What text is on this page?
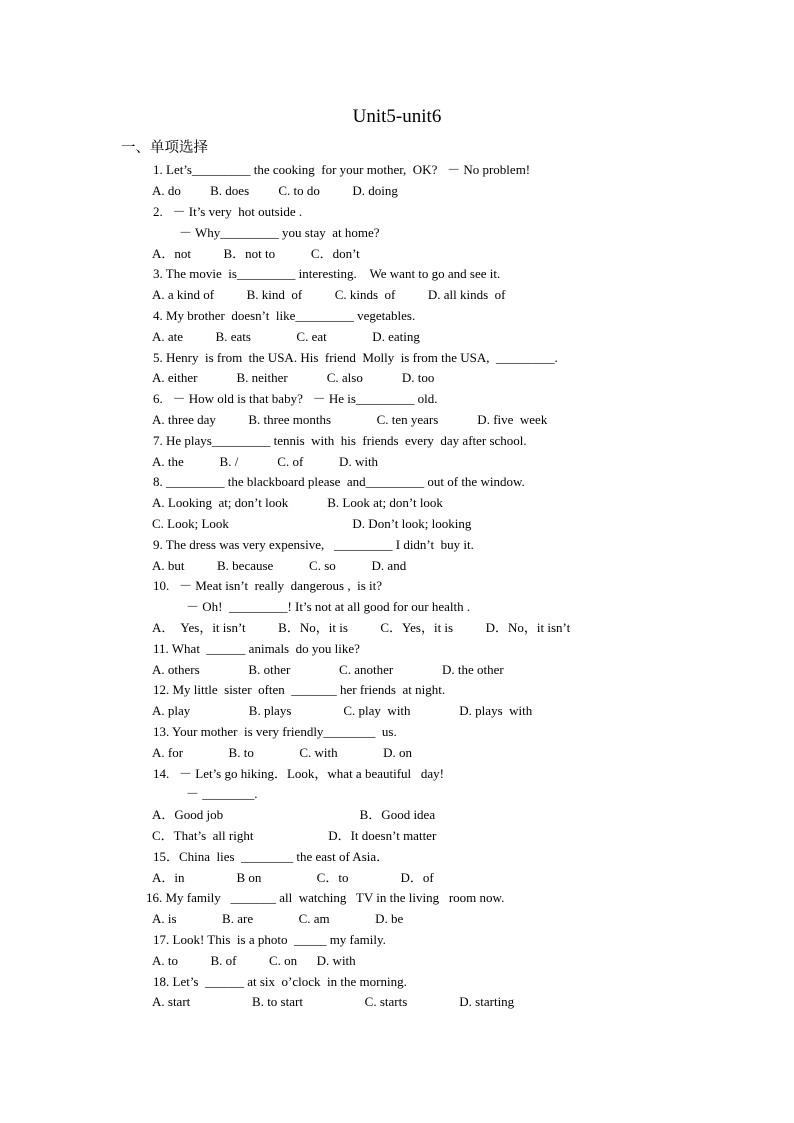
Unit5-unit6
一、单项选择
1. Let’s_________ the cooking  for your mother,  OK?   － No problem!
A. do         B. does         C. to do          D. doing
2.   － It’s very  hot outside .
－ Why_________ you stay  at home?
A．not          B．not to           C．don’t
3. The movie  is_________ interesting.    We want to go and see it.
A. a kind of          B. kind  of          C. kinds  of          D. all kinds  of
4. My brother  doesn’t  like_________ vegetables.
A. ate          B. eats              C. eat              D. eating
5. Henry  is from  the USA. His  friend  Molly  is from the USA,  _________.
A. either            B. neither            C. also            D. too
6.   － How old is that baby?   － He is_________ old.
A. three day          B. three months              C. ten years            D. five  week
7. He plays_________ tennis  with  his  friends  every  day after school.
A. the           B. /            C. of           D. with
8. _________ the blackboard please  and_________ out of the window.
A. Looking  at; don’t look            B. Look at; don’t look
C. Look; Look                                      D. Don’t look; looking
9. The dress was very expensive,   _________ I didn’t  buy it.
A. but          B. because           C. so           D. and
10.   － Meat isn’t  really  dangerous ,  is it?
－ Oh!  _________! It’s not at all good for our health .
A．  Yes，it isn’t          B．No，it is          C．Yes，it is          D．No，it isn’t
11. What  ______ animals  do you like?
A. others               B. other               C. another               D. the other
12. My little  sister  often  _______ her friends  at night.
A. play                  B. plays                C. play  with               D. plays  with
13. Your mother  is very friendly________  us.
A. for              B. to              C. with              D. on
14.   － Let’s go hiking．Look，what a beautiful   day!
－ ________.
A．Good job                                          B．Good idea
C．That’s  all right                       D．It doesn’t matter
15．China  lies  ________ the east of Asia．
A．in                B on                 C．to                D．of
16. My family   _______ all  watching   TV in the living   room now.
A. is              B. are              C. am              D. be
17. Look! This  is a photo  _____ my family.
A. to          B. of          C. on      D. with
18. Let’s  ______ at six  o’clock  in the morning.
A. start                   B. to start                   C. starts                D. starting
